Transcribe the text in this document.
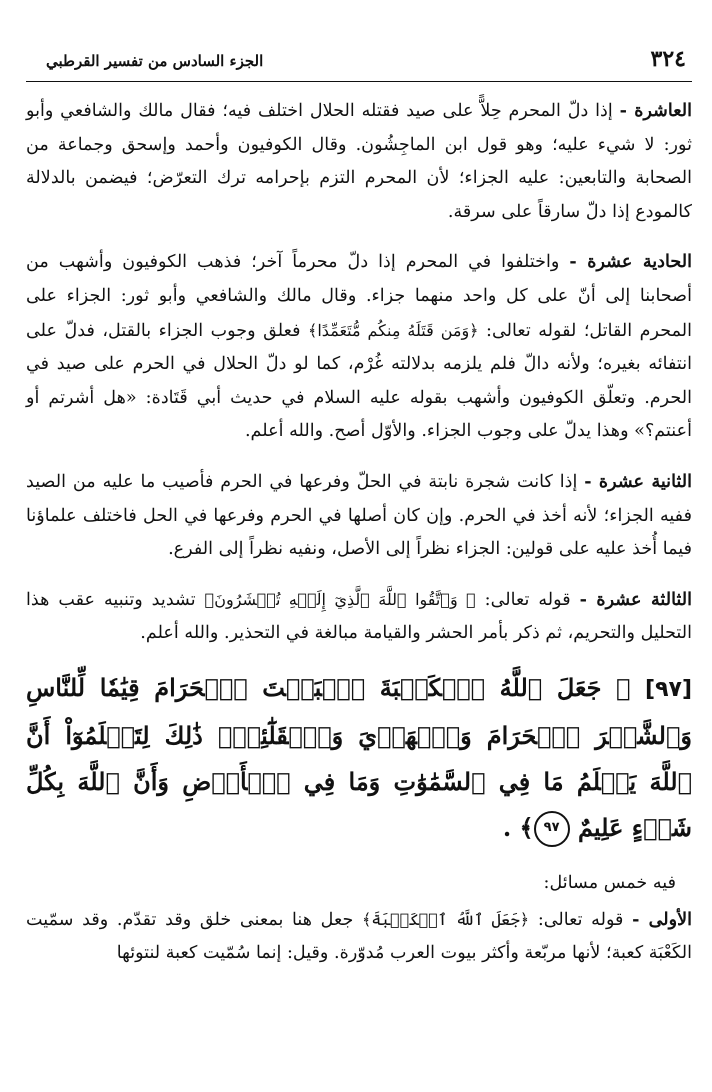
٣٢٤
الجزء السادس من تفسير القرطبي

العاشرة - إذا دلّ المحرم حِلاًّ على صيد فقتله الحلال اختلف فيه؛ فقال مالك والشافعي وأبو ثور: لا شيء عليه؛ وهو قول ابن الماجِشُون. وقال الكوفيون وأحمد وإسحق وجماعة من الصحابة والتابعين: عليه الجزاء؛ لأن المحرم التزم بإحرامه ترك التعرّض؛ فيضمن بالدلالة كالمودع إذا دلّ سارقاً على سرقة.

الحادية عشرة - واختلفوا في المحرم إذا دلّ محرماً آخر؛ فذهب الكوفيون وأشهب من أصحابنا إلى أنّ على كل واحد منهما جزاء. وقال مالك والشافعي وأبو ثور: الجزاء على المحرم القاتل؛ لقوله تعالى: ﴿وَمَن قَتَلَهُ مِنكُم مُّتَعَمِّدًا﴾ فعلق وجوب الجزاء بالقتل، فدلّ على انتفائه بغيره؛ ولأنه دالّ فلم يلزمه بدلالته غُرْم، كما لو دلّ الحلال في الحرم على صيد في الحرم. وتعلّق الكوفيون وأشهب بقوله عليه السلام في حديث أبي قَتَادة: «هل أشرتم أو أعنتم؟» وهذا يدلّ على وجوب الجزاء. والأوّل أصح. والله أعلم.

الثانية عشرة - إذا كانت شجرة نابتة في الحلّ وفرعها في الحرم فأصيب ما عليه من الصيد ففيه الجزاء؛ لأنه أخذ في الحرم. وإن كان أصلها في الحرم وفرعها في الحل فاختلف علماؤنا فيما أُخذ عليه على قولين: الجزاء نظراً إلى الأصل، ونفيه نظراً إلى الفرع.

الثالثة عشرة - قوله تعالى: ﴿ وَٱتَّقُوا ٱللَّهَ ٱلَّذِيٓ إِلَيۡهِ تُحۡشَرُونَ﴾ تشديد وتنبيه عقب هذا التحليل والتحريم، ثم ذكر بأمر الحشر والقيامة مبالغة في التحذير. والله أعلم.

[٩٧] ﴿ جَعَلَ ٱللَّهُ ٱلۡكَعۡبَةَ ٱلۡبَيۡتَ ٱلۡحَرَامَ قِيَٰمٗا لِّلنَّاسِ وَٱلشَّهۡرَ ٱلۡحَرَامَ وَٱلۡهَدۡيَ وَٱلۡقَلَٰٓئِدَۚ ذَٰلِكَ لِتَعۡلَمُوٓاْ أَنَّ ٱللَّهَ يَعۡلَمُ مَا فِي ٱلسَّمَٰوَٰتِ وَمَا فِي ٱلۡأَرۡضِ وَأَنَّ ٱللَّهَ بِكُلِّ شَيۡءٍ عَلِيمٌ ٩٧﴾ .
فيه خمس مسائل:

الأولى - قوله تعالى: ﴿جَعَلَ ٱللَّهُ ٱلۡكَعۡبَةَ﴾ جعل هنا بمعنى خلق وقد تقدّم. وقد سمّيت الكَعْبَة كعبة؛ لأنها مربّعة وأكثر بيوت العرب مُدوّرة. وقيل: إنما سُمّيت كعبة لنتوئها
